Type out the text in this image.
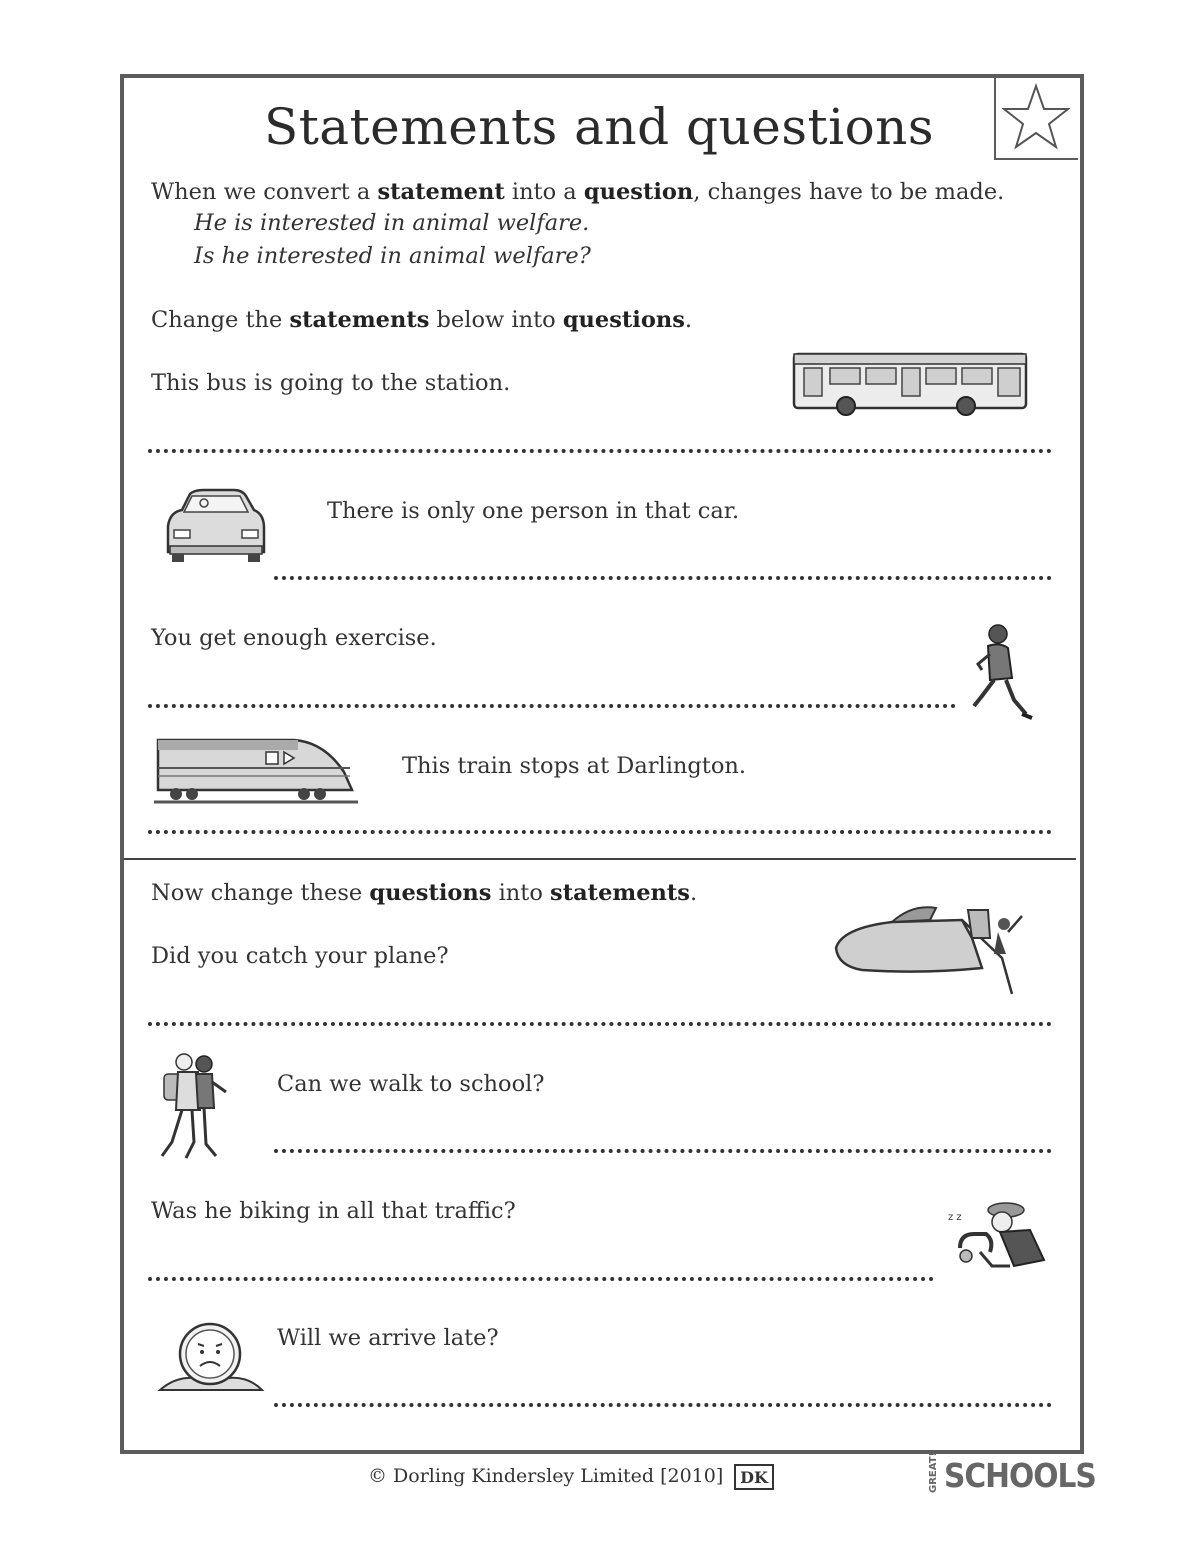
Statements and questions
When we convert a statement into a question, changes have to be made.
He is interested in animal welfare.
Is he interested in animal welfare?
Change the statements below into questions.
This bus is going to the station.
There is only one person in that car.
You get enough exercise.
This train stops at Darlington.
Now change these questions into statements.
Did you catch your plane?
Can we walk to school?
Was he biking in all that traffic?	z z
Will we arrive late?
© Dorling Kindersley Limited [2010] DK	GREAT! SCHOOLS
